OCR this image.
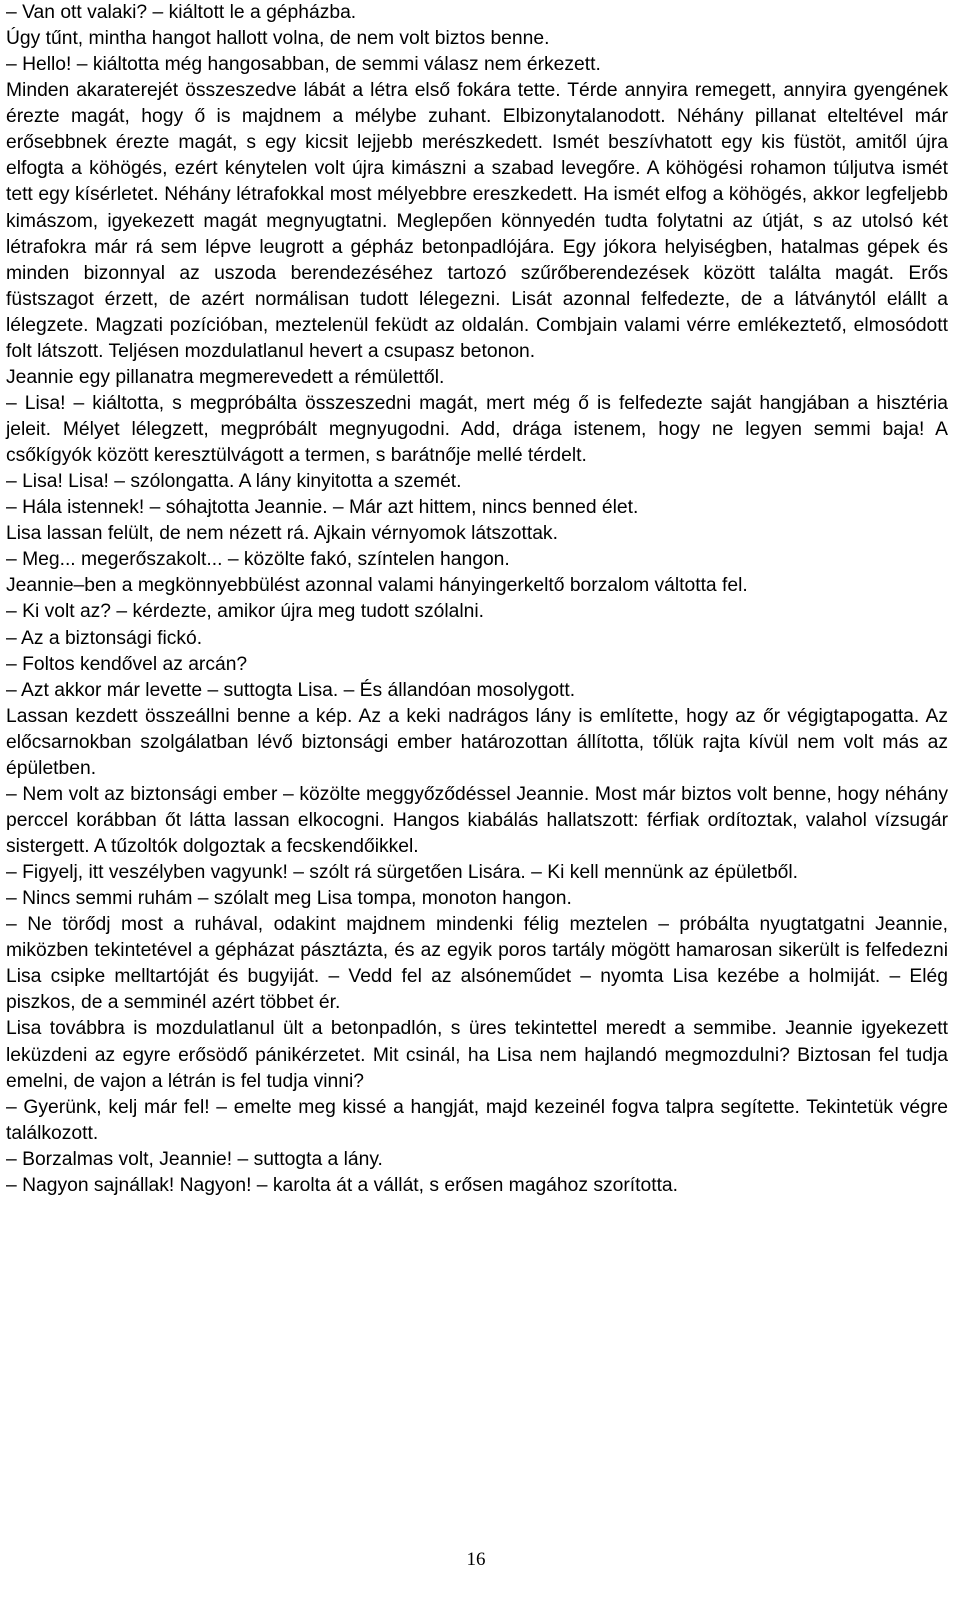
– Van ott valaki? – kiáltott le a gépházba.

Úgy tűnt, mintha hangot hallott volna, de nem volt biztos benne.

– Hello! – kiáltotta még hangosabban, de semmi válasz nem érkezett.

Minden akaraterejét összeszedve lábát a létra első fokára tette. Térde annyira remegett, annyira gyengének érezte magát, hogy ő is majdnem a mélybe zuhant. Elbizonytalanodott. Néhány pillanat elteltével már erősebbnek érezte magát, s egy kicsit lejjebb merészkedett. Ismét beszívhatott egy kis füstöt, amitől újra elfogta a köhögés, ezért kénytelen volt újra kimászni a szabad levegőre. A köhögési rohamon túljutva ismét tett egy kísérletet. Néhány létrafokkal most mélyebbre ereszkedett. Ha ismét elfog a köhögés, akkor legfeljebb kimászom, igyekezett magát megnyugtatni. Meglepően könnyedén tudta folytatni az útját, s az utolsó két létrafokra már rá sem lépve leugrott a gépház betonpadlójára. Egy jókora helyiségben, hatalmas gépek és minden bizonnyal az uszoda berendezéséhez tartozó szűrőberendezések között találta magát. Erős füstszagot érzett, de azért normálisan tudott lélegezni. Lisát azonnal felfedezte, de a látványtól elállt a lélegzete. Magzati pozícióban, meztelenül feküdt az oldalán. Combjain valami vérre emlékeztető, elmosódott folt látszott. Teljésen mozdulatlanul hevert a csupasz betonon.

Jeannie egy pillanatra megmerevedett a rémülettől.

– Lisa! – kiáltotta, s megpróbálta összeszedni magát, mert még ő is felfedezte saját hangjában a hisztéria jeleit. Mélyet lélegzett, megpróbált megnyugodni. Add, drága istenem, hogy ne legyen semmi baja! A csőkígyók között keresztülvágott a termen, s barátnője mellé térdelt.

– Lisa! Lisa! – szólongatta. A lány kinyitotta a szemét.

– Hála istennek! – sóhajtotta Jeannie. – Már azt hittem, nincs benned élet.

Lisa lassan felült, de nem nézett rá. Ajkain vérnyomok látszottak.

– Meg... megerőszakolt... – közölte fakó, színtelen hangon.

Jeannie–ben a megkönnyebbülést azonnal valami hányingerkeltő borzalom váltotta fel.

– Ki volt az? – kérdezte, amikor újra meg tudott szólalni.

– Az a biztonsági fickó.

– Foltos kendővel az arcán?

– Azt akkor már levette – suttogta Lisa. – És állandóan mosolygott.

Lassan kezdett összeállni benne a kép. Az a keki nadrágos lány is említette, hogy az őr végigtapogatta. Az előcsarnokban szolgálatban lévő biztonsági ember határozottan állította, tőlük rajta kívül nem volt más az épületben.

– Nem volt az biztonsági ember – közölte meggyőződéssel Jeannie. Most már biztos volt benne, hogy néhány perccel korábban őt látta lassan elkocogni. Hangos kiabálás hallatszott: férfiak ordítoztak, valahol vízsugár sistergett. A tűzoltók dolgoztak a fecskendőikkel.

– Figyelj, itt veszélyben vagyunk! – szólt rá sürgetően Lisára. – Ki kell mennünk az épületből.

– Nincs semmi ruhám – szólalt meg Lisa tompa, monoton hangon.

– Ne törődj most a ruhával, odakint majdnem mindenki félig meztelen – próbálta nyugtatgatni Jeannie, miközben tekintetével a gépházat pásztázta, és az egyik poros tartály mögött hamarosan sikerült is felfedezni Lisa csipke melltartóját és bugyiját. – Vedd fel az alsóneműdet – nyomta Lisa kezébe a holmiját. – Elég piszkos, de a semminél azért többet ér.

Lisa továbbra is mozdulatlanul ült a betonpadlón, s üres tekintettel meredt a semmibe. Jeannie igyekezett leküzdeni az egyre erősödő pánikérzetet. Mit csinál, ha Lisa nem hajlandó megmozdulni? Biztosan fel tudja emelni, de vajon a létrán is fel tudja vinni?

– Gyerünk, kelj már fel! – emelte meg kissé a hangját, majd kezeinél fogva talpra segítette. Tekintetük végre találkozott.

– Borzalmas volt, Jeannie! – suttogta a lány.

– Nagyon sajnállak! Nagyon! – karolta át a vállát, s erősen magához szorította.

16
